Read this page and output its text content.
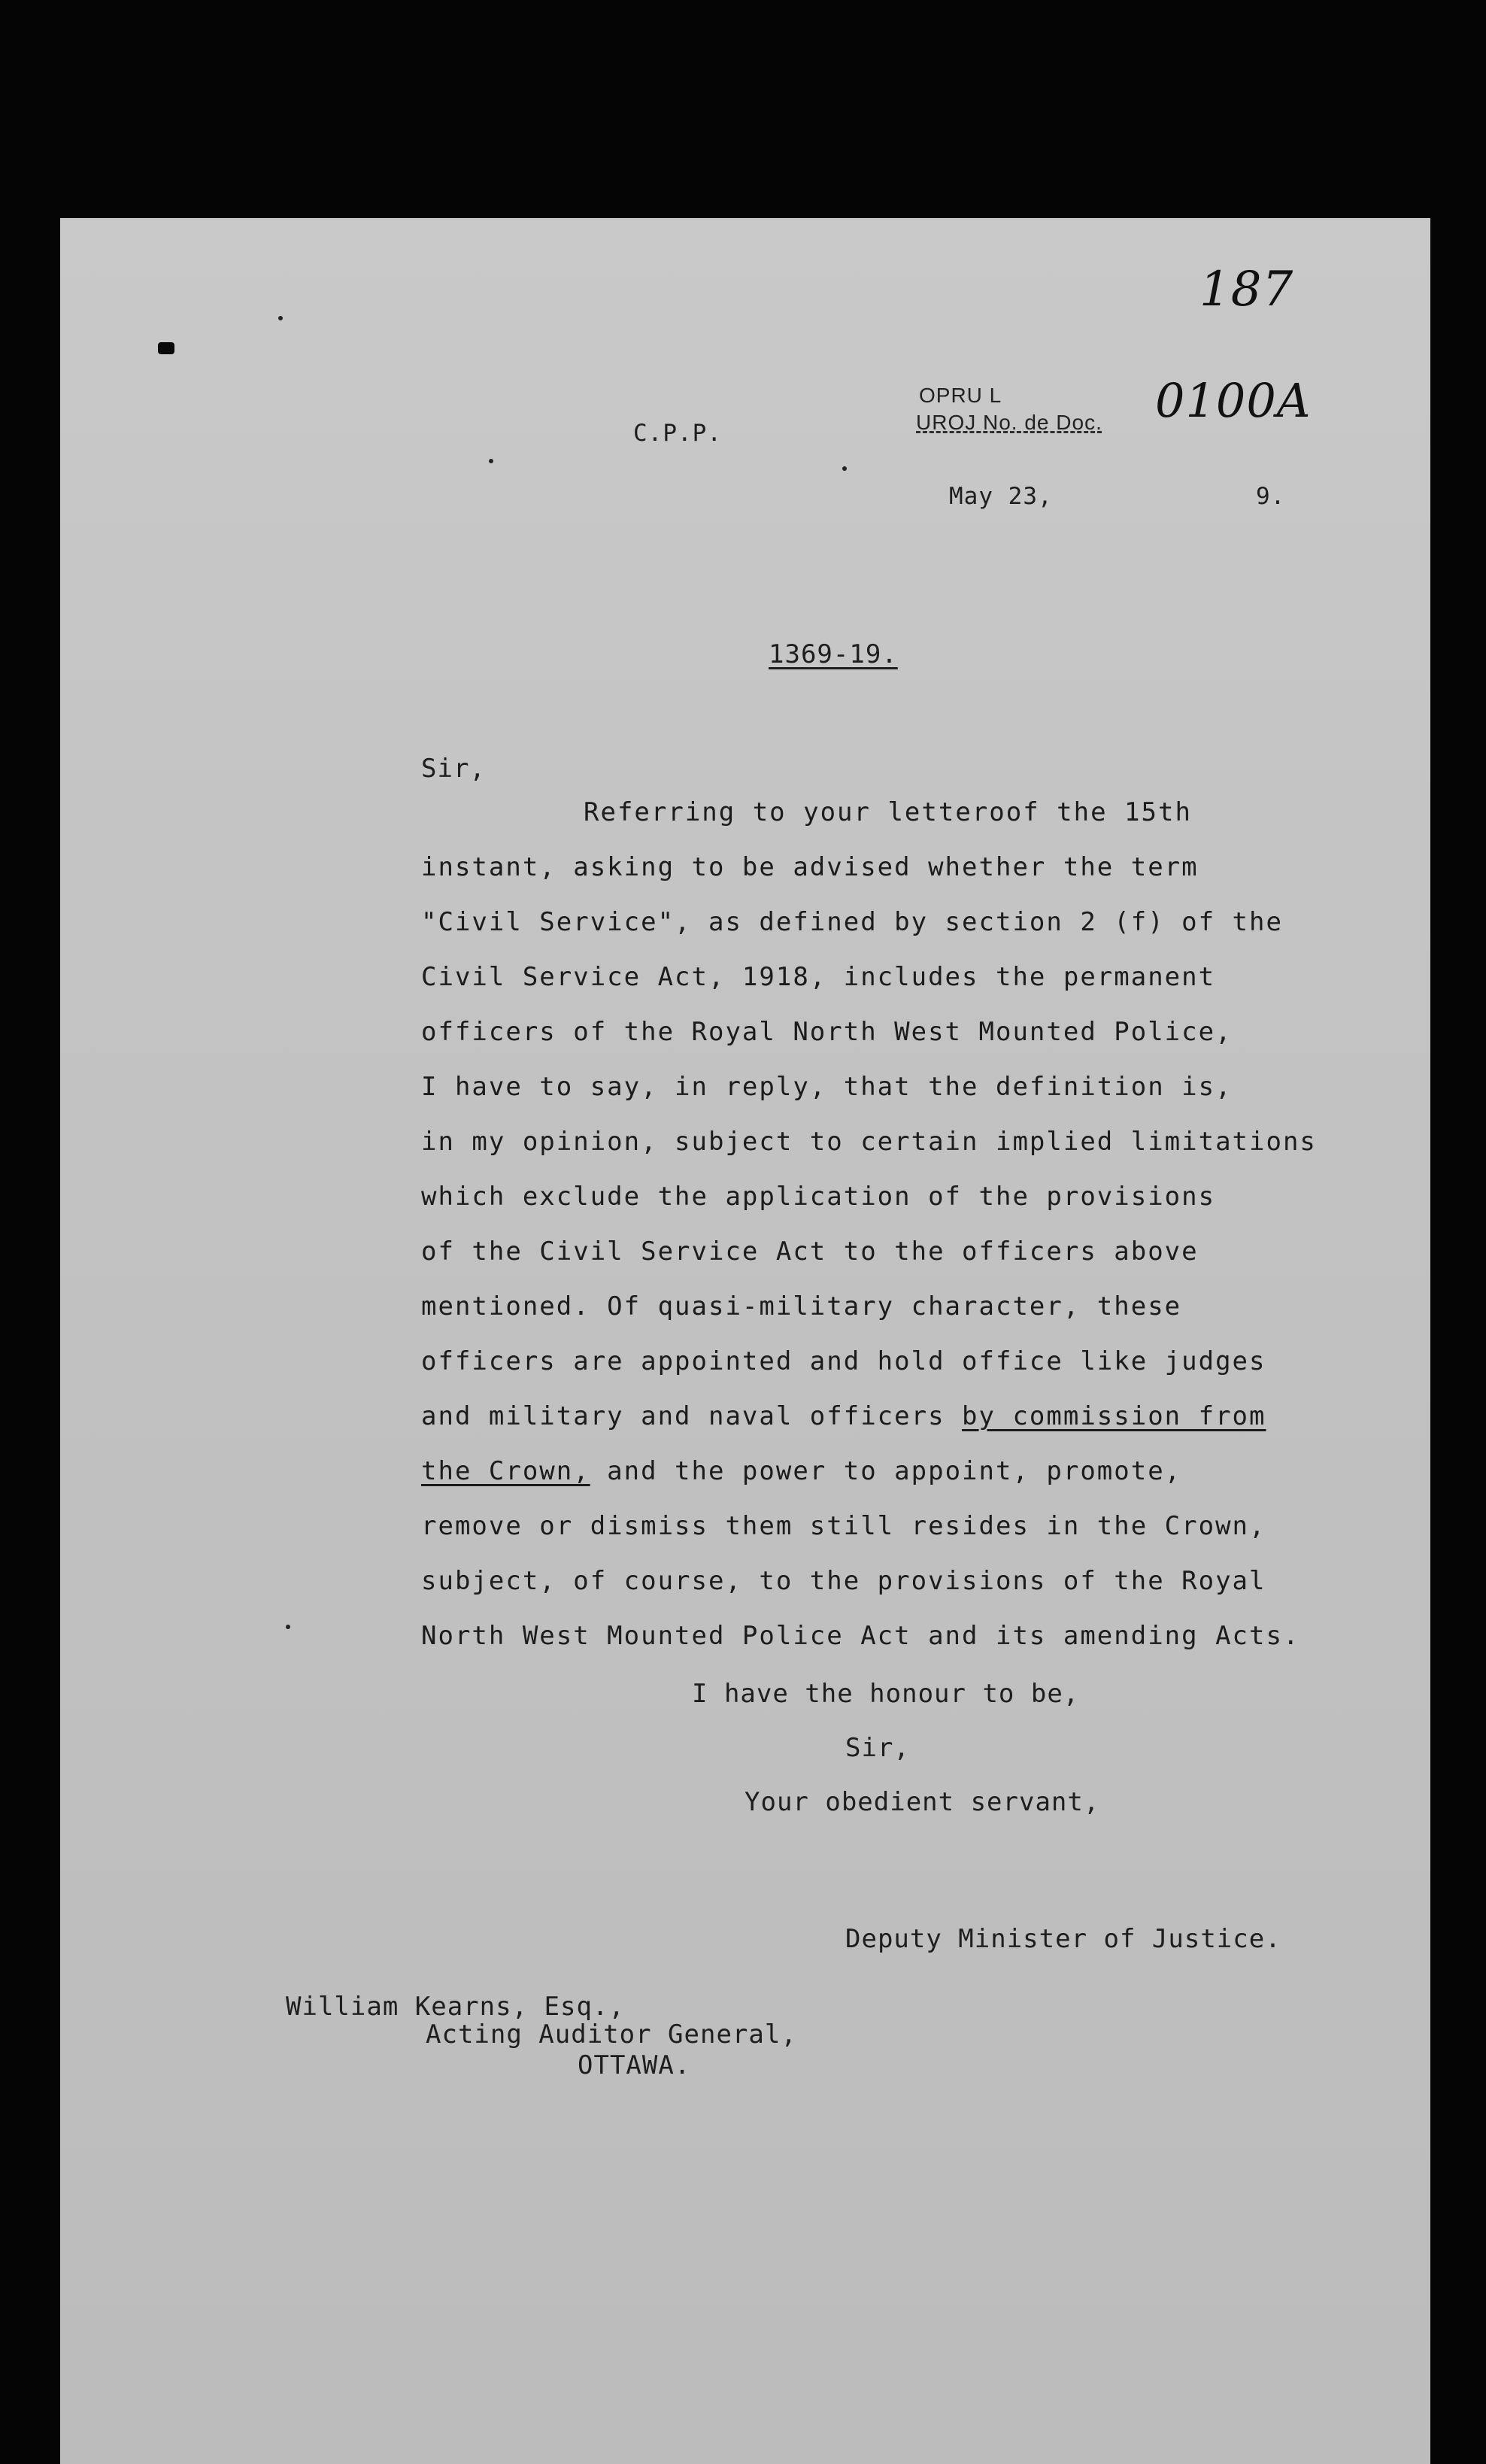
187
OPRU L
UROJ No. de Doc. 0100A
C.P.P.
May 23,	9.
1369-19.
Sir,
Referring to your letteroof the 15th
instant, asking to be advised whether the term
"Civil Service", as defined by section 2 (f) of the
Civil Service Act, 1918, includes the permanent
officers of the Royal North West Mounted Police,
I have to say, in reply, that the definition is,
in my opinion, subject to certain implied limitations
which exclude the application of the provisions
of the Civil Service Act to the officers above
mentioned. Of quasi-military character, these
officers are appointed and hold office like judges
and military and naval officers by commission from
the Crown, and the power to appoint, promote,
remove or dismiss them still resides in the Crown,
subject, of course, to the provisions of the Royal
North West Mounted Police Act and its amending Acts.
I have the honour to be,
Sir,
Your obedient servant,
Deputy Minister of Justice.
William Kearns, Esq.,
Acting Auditor General,
OTTAWA.
